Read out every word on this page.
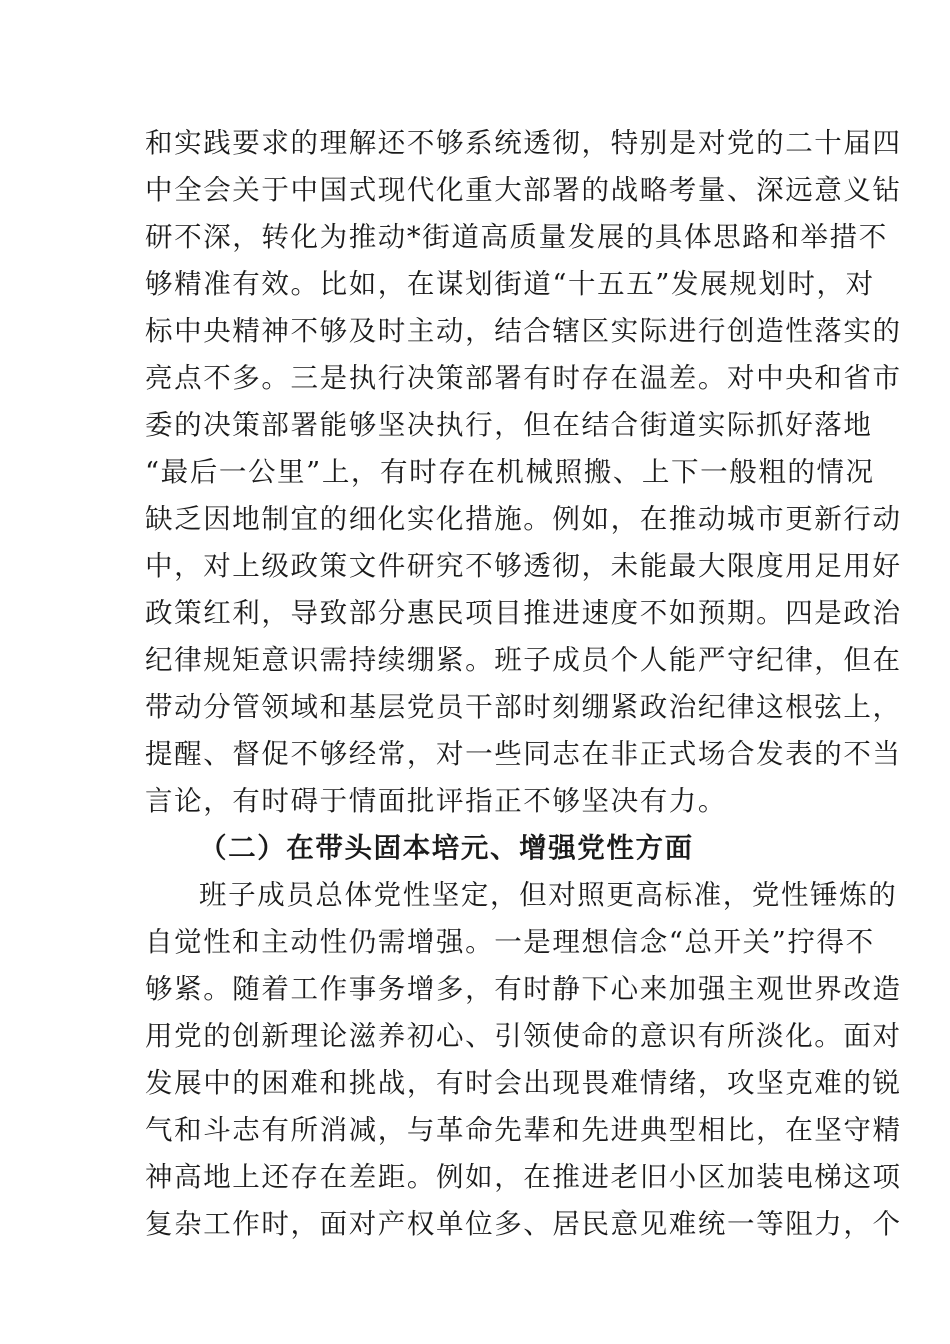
和实践要求的理解还不够系统透彻，特别是对党的二十届四
中全会关于中国式现代化重大部署的战略考量、深远意义钻
研不深，转化为推动*街道高质量发展的具体思路和举措不
够精准有效。比如，在谋划街道“十五五”发展规划时，对
标中央精神不够及时主动，结合辖区实际进行创造性落实的
亮点不多。三是执行决策部署有时存在温差。对中央和省市
委的决策部署能够坚决执行，但在结合街道实际抓好落地
“最后一公里”上，有时存在机械照搬、上下一般粗的情况
缺乏因地制宜的细化实化措施。例如，在推动城市更新行动
中，对上级政策文件研究不够透彻，未能最大限度用足用好
政策红利，导致部分惠民项目推进速度不如预期。四是政治
纪律规矩意识需持续绷紧。班子成员个人能严守纪律，但在
带动分管领域和基层党员干部时刻绷紧政治纪律这根弦上，
提醒、督促不够经常，对一些同志在非正式场合发表的不当
言论，有时碍于情面批评指正不够坚决有力。
（二）在带头固本培元、增强党性方面
班子成员总体党性坚定，但对照更高标准，党性锤炼的
自觉性和主动性仍需增强。一是理想信念“总开关”拧得不
够紧。随着工作事务增多，有时静下心来加强主观世界改造
用党的创新理论滋养初心、引领使命的意识有所淡化。面对
发展中的困难和挑战，有时会出现畏难情绪，攻坚克难的锐
气和斗志有所消减，与革命先辈和先进典型相比，在坚守精
神高地上还存在差距。例如，在推进老旧小区加装电梯这项
复杂工作时，面对产权单位多、居民意见难统一等阻力，个
